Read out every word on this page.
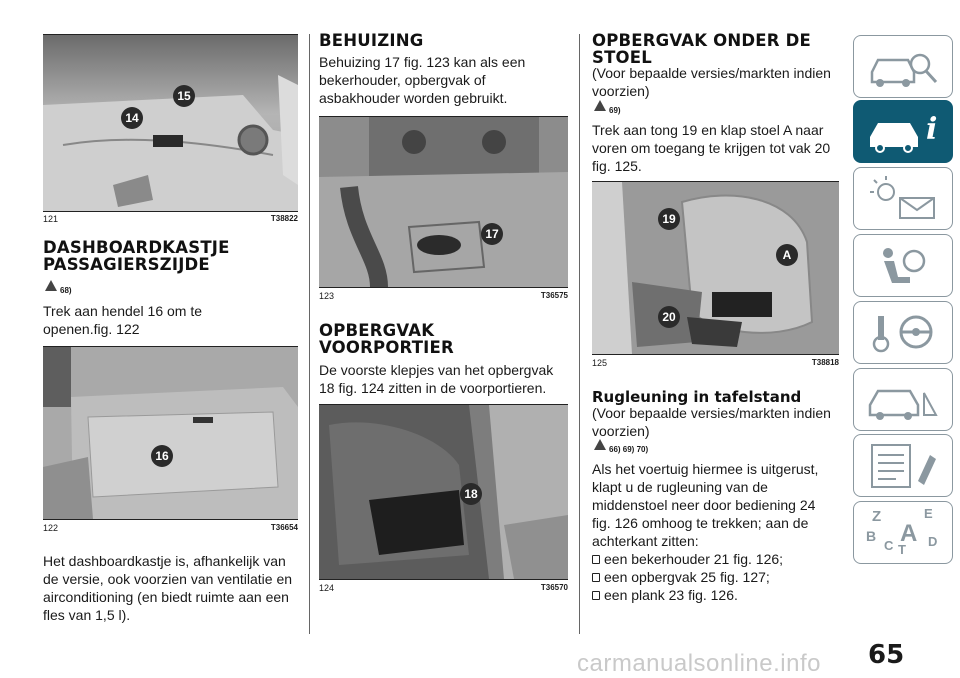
14
15
121	T38822
DASHBOARDKASTJE
PASSAGIERSZIJDE
68)
Trek aan hendel 16 om te
openen.fig. 122
16
122	T36654
Het dashboardkastje is, afhankelijk van
de versie, ook voorzien van ventilatie en
airconditioning (en biedt ruimte aan een
fles van 1,5 l).
BEHUIZING
Behuizing 17 fig. 123 kan als een
bekerhouder, opbergvak of
asbakhouder worden gebruikt.
17
123	T36575
OPBERGVAK
VOORPORTIER
De voorste klepjes van het opbergvak
18 fig. 124 zitten in de voorportieren.
18
124	T36570
OPBERGVAK ONDER DE
STOEL
(Voor bepaalde versies/markten indien
voorzien)
69)
Trek aan tong 19 en klap stoel A naar
voren om toegang te krijgen tot vak 20
fig. 125.
19
A
20
125	T38818
Rugleuning in tafelstand
(Voor bepaalde versies/markten indien
voorzien)
66) 69) 70)
Als het voertuig hiermee is uitgerust,
klapt u de rugleuning van de
middenstoel neer door bediening 24
fig. 126 omhoog te trekken; aan de
achterkant zitten:
een bekerhouder 21 fig. 126;
een opbergvak 25 fig. 127;
een plank 23 fig. 126.
i
Z	E
B A
C T
D
65
carmanualsonline.info
